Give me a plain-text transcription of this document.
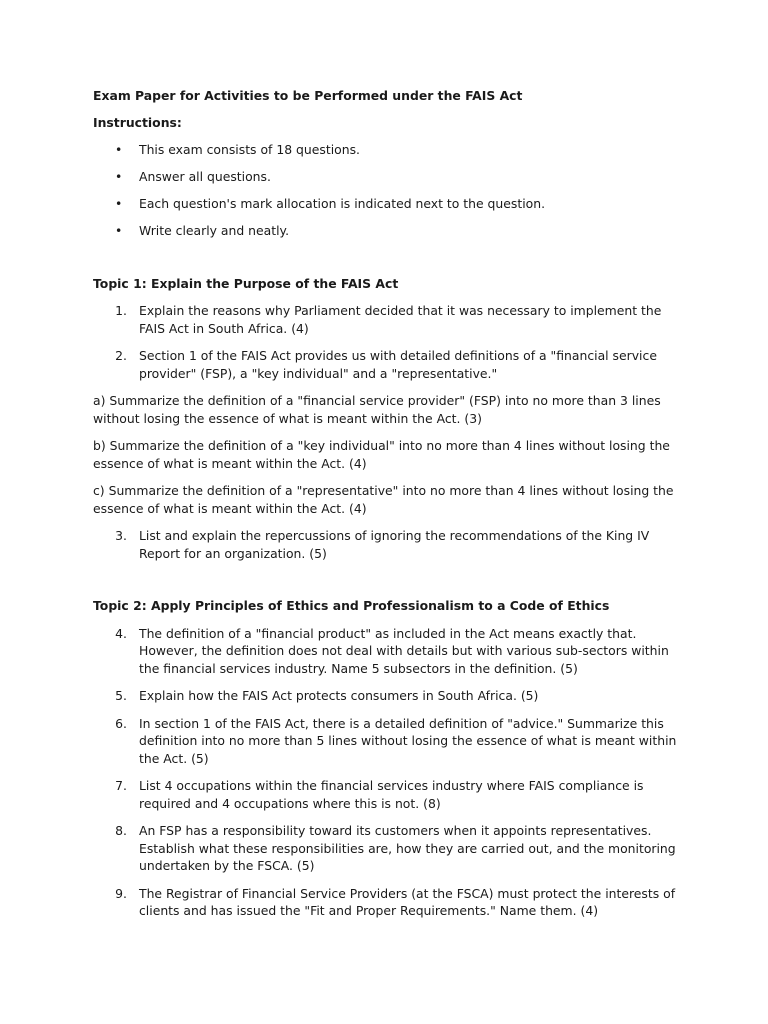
Exam Paper for Activities to be Performed under the FAIS Act

Instructions:

• This exam consists of 18 questions.
• Answer all questions.
• Each question's mark allocation is indicated next to the question.
• Write clearly and neatly.

Topic 1: Explain the Purpose of the FAIS Act

1. Explain the reasons why Parliament decided that it was necessary to implement the FAIS Act in South Africa. (4)
2. Section 1 of the FAIS Act provides us with detailed definitions of a "financial service provider" (FSP), a "key individual" and a "representative."

a) Summarize the definition of a "financial service provider" (FSP) into no more than 3 lines without losing the essence of what is meant within the Act. (3)

b) Summarize the definition of a "key individual" into no more than 4 lines without losing the essence of what is meant within the Act. (4)

c) Summarize the definition of a "representative" into no more than 4 lines without losing the essence of what is meant within the Act. (4)

3. List and explain the repercussions of ignoring the recommendations of the King IV Report for an organization. (5)

Topic 2: Apply Principles of Ethics and Professionalism to a Code of Ethics

4. The definition of a "financial product" as included in the Act means exactly that. However, the definition does not deal with details but with various sub-sectors within the financial services industry. Name 5 subsectors in the definition. (5)
5. Explain how the FAIS Act protects consumers in South Africa. (5)
6. In section 1 of the FAIS Act, there is a detailed definition of "advice." Summarize this definition into no more than 5 lines without losing the essence of what is meant within the Act. (5)
7. List 4 occupations within the financial services industry where FAIS compliance is required and 4 occupations where this is not. (8)
8. An FSP has a responsibility toward its customers when it appoints representatives. Establish what these responsibilities are, how they are carried out, and the monitoring undertaken by the FSCA. (5)
9. The Registrar of Financial Service Providers (at the FSCA) must protect the interests of clients and has issued the "Fit and Proper Requirements." Name them. (4)
